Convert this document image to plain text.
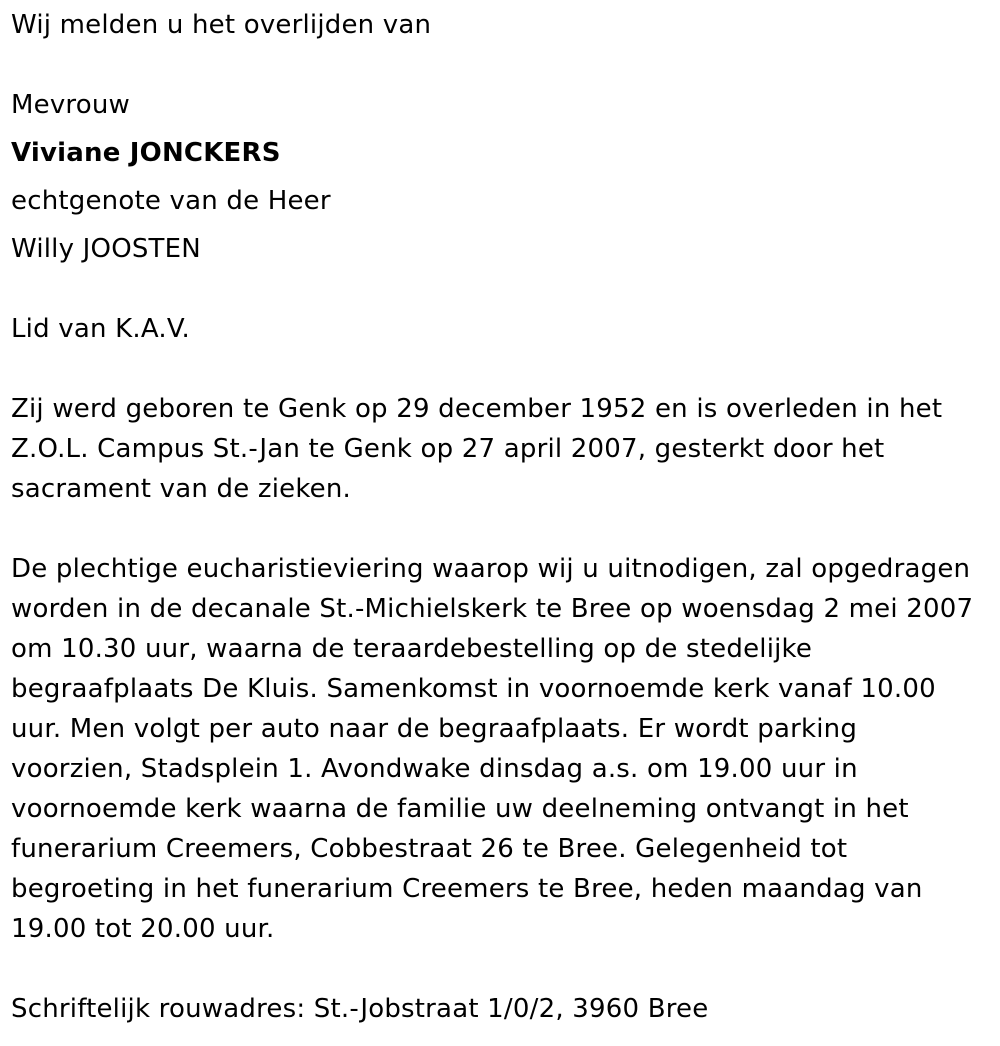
Wij melden u het overlijden van
Mevrouw
Viviane JONCKERS
echtgenote van de Heer
Willy JOOSTEN
Lid van K.A.V.
Zij werd geboren te Genk op 29 december 1952 en is overleden in het
Z.O.L. Campus St.-Jan te Genk op 27 april 2007, gesterkt door het
sacrament van de zieken.
De plechtige eucharistieviering waarop wij u uitnodigen, zal opgedragen
worden in de decanale St.-Michielskerk te Bree op woensdag 2 mei 2007
om 10.30 uur, waarna de teraardebestelling op de stedelijke
begraafplaats De Kluis. Samenkomst in voornoemde kerk vanaf 10.00
uur. Men volgt per auto naar de begraafplaats. Er wordt parking
voorzien, Stadsplein 1. Avondwake dinsdag a.s. om 19.00 uur in
voornoemde kerk waarna de familie uw deelneming ontvangt in het
funerarium Creemers, Cobbestraat 26 te Bree. Gelegenheid tot
begroeting in het funerarium Creemers te Bree, heden maandag van
19.00 tot 20.00 uur.
Schriftelijk rouwadres: St.-Jobstraat 1/0/2, 3960 Bree
